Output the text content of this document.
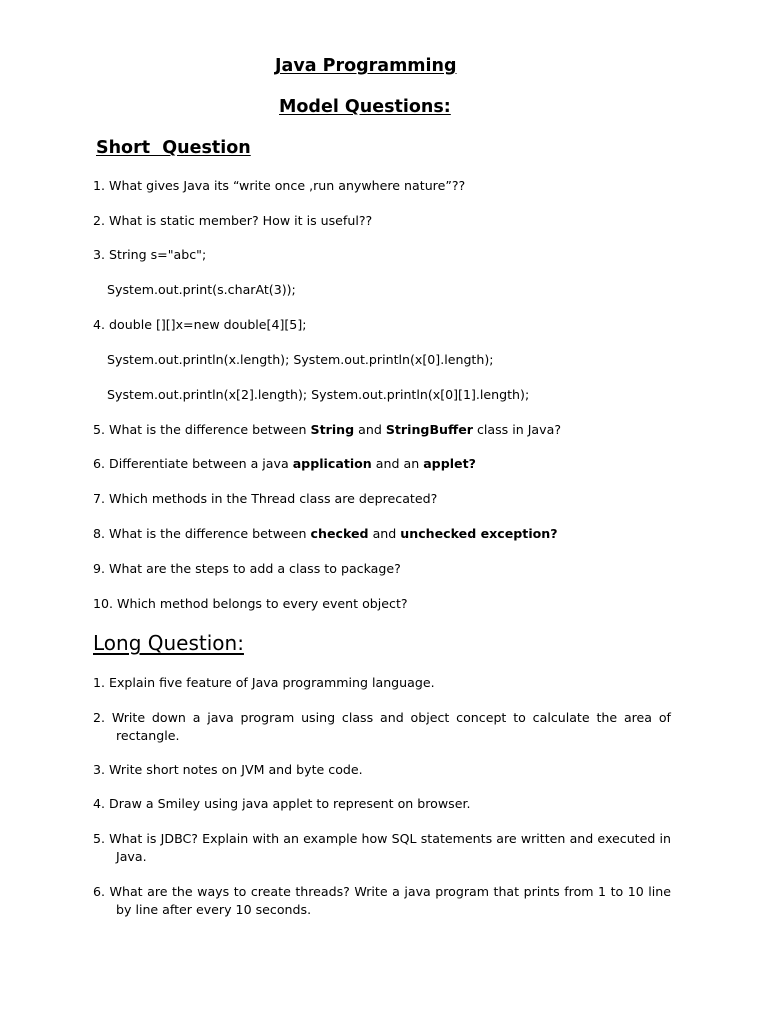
Java Programming
Model Questions:
Short  Question
1. What gives Java its “write once ,run anywhere nature”??
2. What is static member? How it is useful??
3. String s="abc";
System.out.print(s.charAt(3));
4. double [][]x=new double[4][5];
System.out.println(x.length); System.out.println(x[0].length);
System.out.println(x[2].length); System.out.println(x[0][1].length);
5. What is the difference between String and StringBuffer class in Java?
6. Differentiate between a java application and an applet?
7. Which methods in the Thread class are deprecated?
8. What is the difference between checked and unchecked exception?
9. What are the steps to add a class to package?
10. Which method belongs to every event object?
Long Question:
1. Explain five feature of Java programming language.
2. Write down a java program using class and object concept to calculate the area of rectangle.
3. Write short notes on JVM and byte code.
4. Draw a Smiley using java applet to represent on browser.
5. What is JDBC? Explain with an example how SQL statements are written and executed in Java.
6. What are the ways to create threads? Write a java program that prints from 1 to 10 line by line after every 10 seconds.
